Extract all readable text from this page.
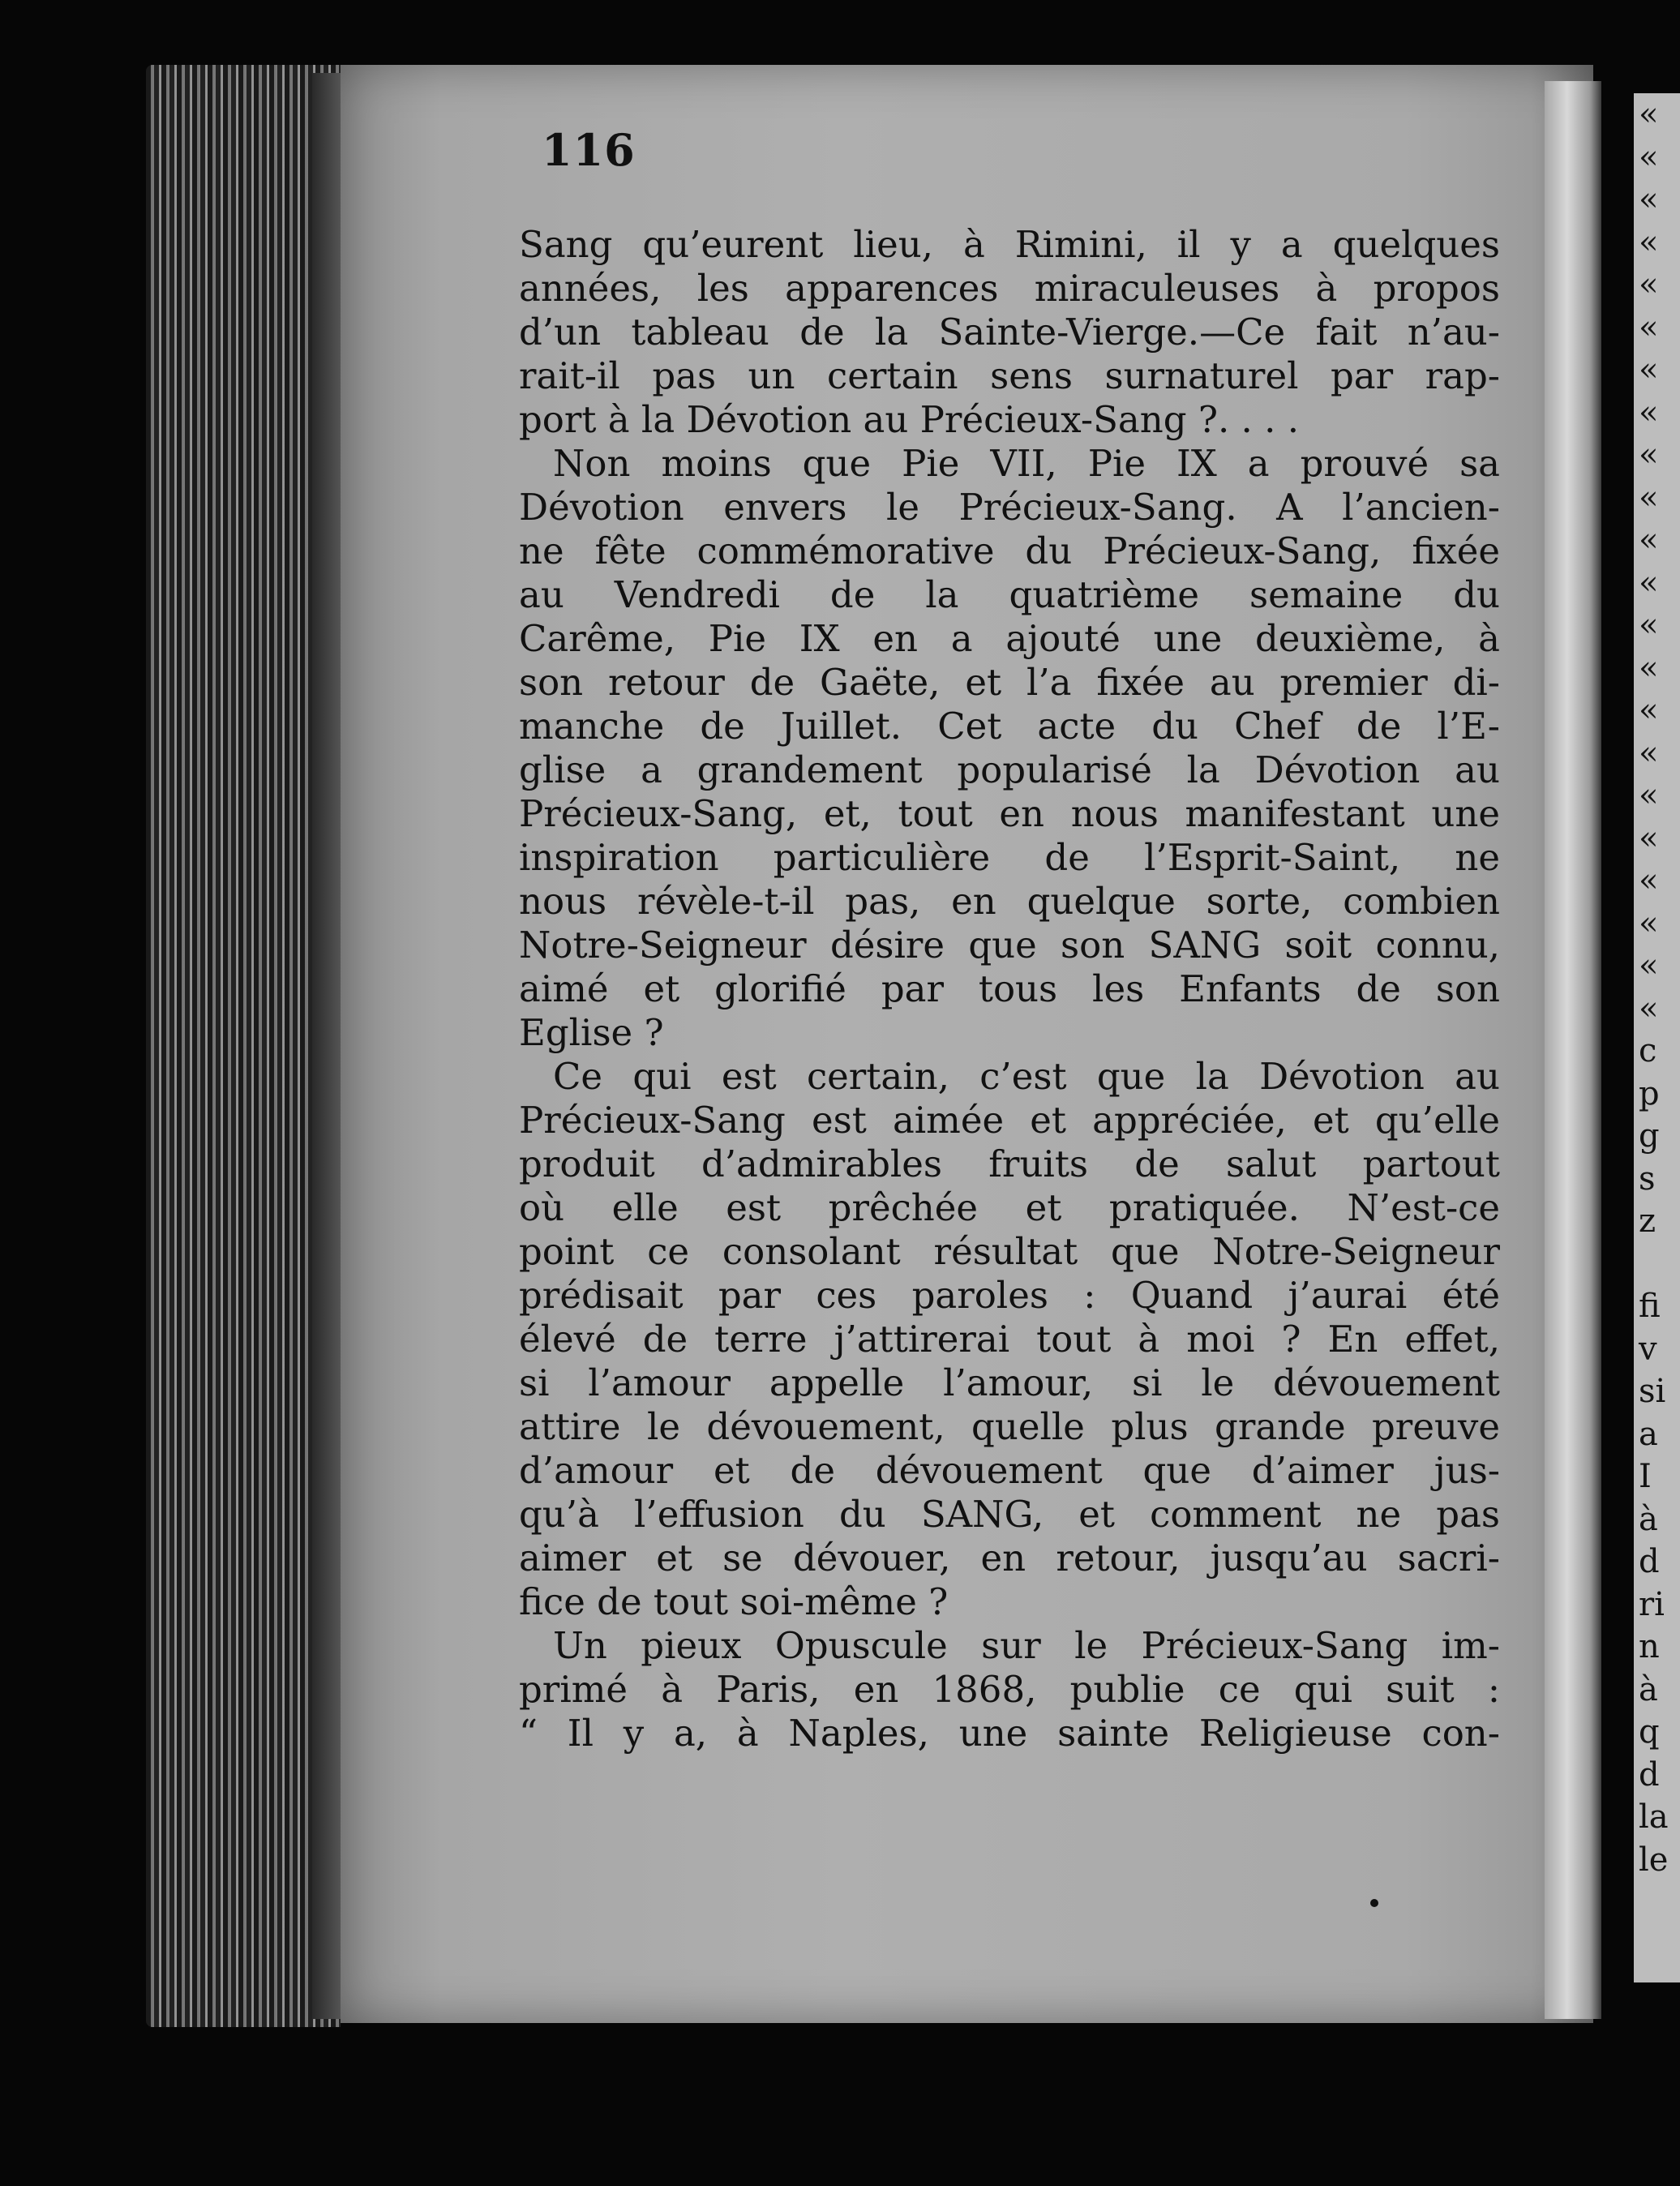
«
«
«
«
«
«
«
«
«
«
«
«
«
«
«
«
«
«
«
«
«
«
c
p
g
s
z
fi
v
si
a
I
à
d
ri
n
à
q
d
la
le
116
Sang qu’eurent lieu, à Rimini, il y a quelques
années, les apparences miraculeuses à propos
d’un tableau de la Sainte-Vierge.—Ce fait n’au-
rait-il pas un certain sens surnaturel par rap-
port à la Dévotion au Précieux-Sang ?. . . .
Non moins que Pie VII, Pie IX a prouvé sa
Dévotion envers le Précieux-Sang. A l’ancien-
ne fête commémorative du Précieux-Sang, fixée
au Vendredi de la quatrième semaine du
Carême, Pie IX en a ajouté une deuxième, à
son retour de Gaëte, et l’a fixée au premier di-
manche de Juillet. Cet acte du Chef de l’E-
glise a grandement popularisé la Dévotion au
Précieux-Sang, et, tout en nous manifestant une
inspiration particulière de l’Esprit-Saint, ne
nous révèle-t-il pas, en quelque sorte, combien
Notre-Seigneur désire que son SANG soit connu,
aimé et glorifié par tous les Enfants de son
Eglise ?
Ce qui est certain, c’est que la Dévotion au
Précieux-Sang est aimée et appréciée, et qu’elle
produit d’admirables fruits de salut partout
où elle est prêchée et pratiquée. N’est-ce
point ce consolant résultat que Notre-Seigneur
prédisait par ces paroles : Quand j’aurai été
élevé de terre j’attirerai tout à moi ? En effet,
si l’amour appelle l’amour, si le dévouement
attire le dévouement, quelle plus grande preuve
d’amour et de dévouement que d’aimer jus-
qu’à l’effusion du SANG, et comment ne pas
aimer et se dévouer, en retour, jusqu’au sacri-
fice de tout soi-même ?
Un pieux Opuscule sur le Précieux-Sang im-
primé à Paris, en 1868, publie ce qui suit :
“ Il y a, à Naples, une sainte Religieuse con-
